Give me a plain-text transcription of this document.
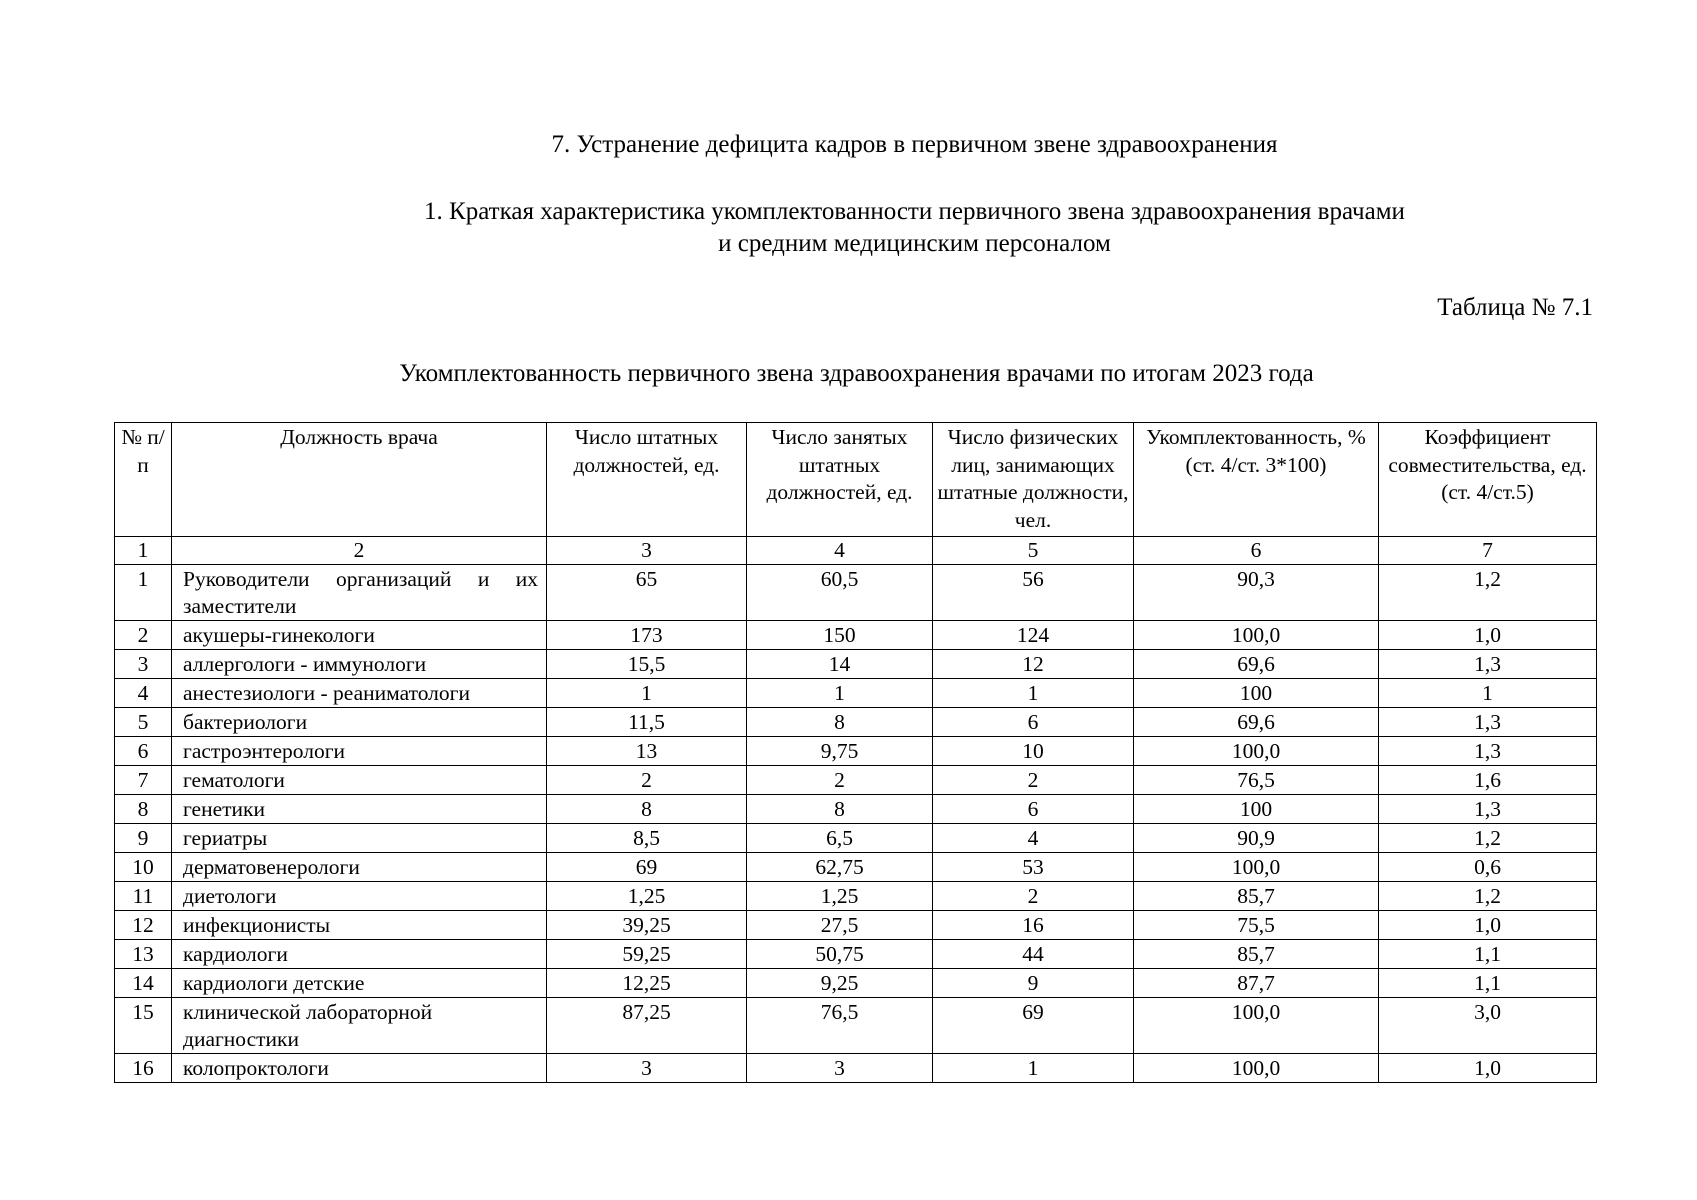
7. Устранение дефицита кадров в первичном звене здравоохранения
1. Краткая характеристика укомплектованности первичного звена здравоохранения врачами
и средним медицинским персоналом
Таблица № 7.1
Укомплектованность первичного звена здравоохранения врачами по итогам 2023 года
№ п/п	Должность врача	Число штатных должностей, ед.	Число занятых штатных должностей, ед.	Число физических лиц, занимающих штатные должности, чел.	Укомплектованность, % (ст. 4/ст. 3*100)	Коэффициент совместительства, ед. (ст. 4/ст.5)
1	2	3	4	5	6	7
1	Руководители организаций и их заместители	65	60,5	56	90,3	1,2
2	акушеры-гинекологи	173	150	124	100,0	1,0
3	аллергологи - иммунологи	15,5	14	12	69,6	1,3
4	анестезиологи - реаниматологи	1	1	1	100	1
5	бактериологи	11,5	8	6	69,6	1,3
6	гастроэнтерологи	13	9,75	10	100,0	1,3
7	гематологи	2	2	2	76,5	1,6
8	генетики	8	8	6	100	1,3
9	гериатры	8,5	6,5	4	90,9	1,2
10	дерматовенерологи	69	62,75	53	100,0	0,6
11	диетологи	1,25	1,25	2	85,7	1,2
12	инфекционисты	39,25	27,5	16	75,5	1,0
13	кардиологи	59,25	50,75	44	85,7	1,1
14	кардиологи детские	12,25	9,25	9	87,7	1,1
15	клинической лабораторной диагностики	87,25	76,5	69	100,0	3,0
16	колопроктологи	3	3	1	100,0	1,0
